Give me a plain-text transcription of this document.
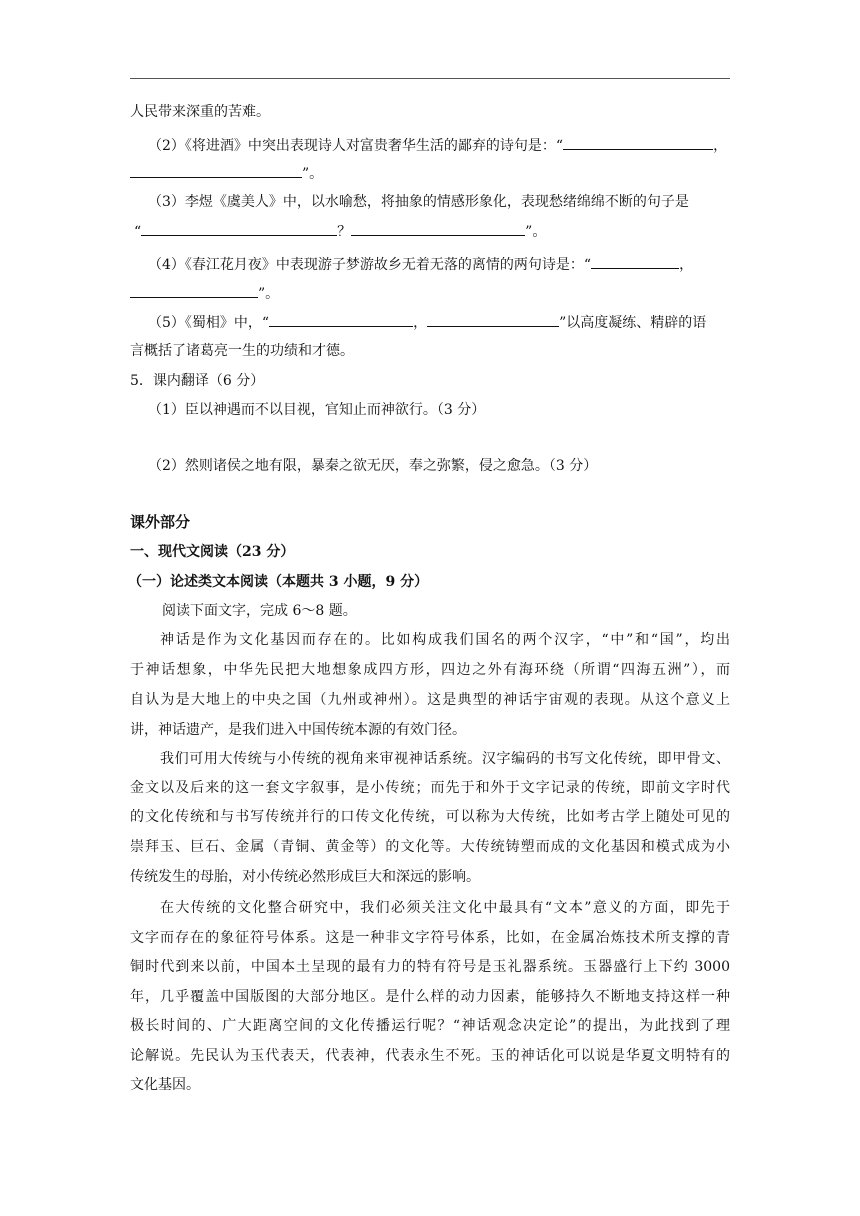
人民带来深重的苦难。
（2）《将进酒》中突出表现诗人对富贵奢华生活的鄙弃的诗句是：“	，
”。
（3）李煜《虞美人》中，以水喻愁，将抽象的情感形象化，表现愁绪绵绵不断的句子是
“	？	”。
（4）《春江花月夜》中表现游子梦游故乡无着无落的离情的两句诗是：“	，
”。
（5）《蜀相》中，“	，	”以高度凝练、精辟的语
言概括了诸葛亮一生的功绩和才德。
5．课内翻译（6 分）
（1）臣以神遇而不以目视，官知止而神欲行。（3 分）
（2）然则诸侯之地有限，暴秦之欲无厌，奉之弥繁，侵之愈急。（3 分）
课外部分
一、现代文阅读（23 分）
（一）论述类文本阅读（本题共 3 小题，9 分）
阅读下面文字，完成 6～8 题。
神话是作为文化基因而存在的。比如构成我们国名的两个汉字，“中”和“国”，均出
于神话想象，中华先民把大地想象成四方形，四边之外有海环绕（所谓“四海五洲”），而
自认为是大地上的中央之国（九州或神州）。这是典型的神话宇宙观的表现。从这个意义上
讲，神话遗产，是我们进入中国传统本源的有效门径。
我们可用大传统与小传统的视角来审视神话系统。汉字编码的书写文化传统，即甲骨文、
金文以及后来的这一套文字叙事，是小传统；而先于和外于文字记录的传统，即前文字时代
的文化传统和与书写传统并行的口传文化传统，可以称为大传统，比如考古学上随处可见的
崇拜玉、巨石、金属（青铜、黄金等）的文化等。大传统铸塑而成的文化基因和模式成为小
传统发生的母胎，对小传统必然形成巨大和深远的影响。
在大传统的文化整合研究中，我们必须关注文化中最具有“文本”意义的方面，即先于
文字而存在的象征符号体系。这是一种非文字符号体系，比如，在金属冶炼技术所支撑的青
铜时代到来以前，中国本土呈现的最有力的特有符号是玉礼器系统。玉器盛行上下约 3000
年，几乎覆盖中国版图的大部分地区。是什么样的动力因素，能够持久不断地支持这样一种
极长时间的、广大距离空间的文化传播运行呢？“神话观念决定论”的提出，为此找到了理
论解说。先民认为玉代表天，代表神，代表永生不死。玉的神话化可以说是华夏文明特有的
文化基因。
